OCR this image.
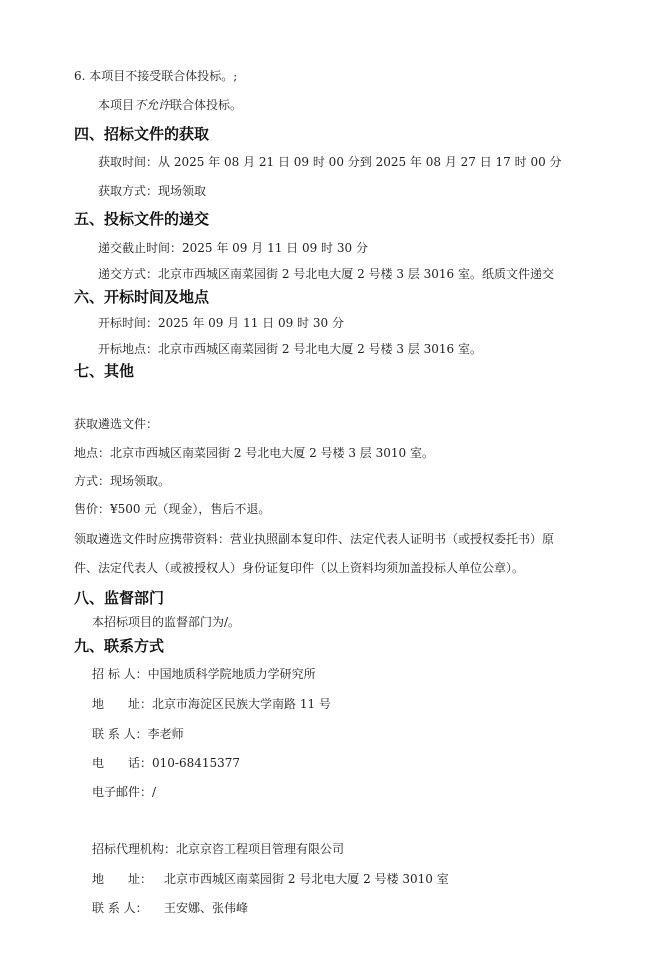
6. 本项目不接受联合体投标。;
本项目不允许联合体投标。
四、招标文件的获取
获取时间：从 2025 年 08 月 21 日 09 时 00 分到 2025 年 08 月 27 日 17 时 00 分
获取方式：现场领取
五、投标文件的递交
递交截止时间：2025 年 09 月 11 日 09 时 30 分
递交方式：北京市西城区南菜园街 2 号北电大厦 2 号楼 3 层 3016 室。纸质文件递交
六、开标时间及地点
开标时间：2025 年 09 月 11 日 09 时 30 分
开标地点：北京市西城区南菜园街 2 号北电大厦 2 号楼 3 层 3016 室。
七、其他
获取遴选文件：
地点：北京市西城区南菜园街 2 号北电大厦 2 号楼 3 层 3010 室。
方式：现场领取。
售价：¥500 元（现金），售后不退。
领取遴选文件时应携带资料：营业执照副本复印件、法定代表人证明书（或授权委托书）原
件、法定代表人（或被授权人）身份证复印件（以上资料均须加盖投标人单位公章）。
八、监督部门
本招标项目的监督部门为/。
九、联系方式
招 标 人：中国地质科学院地质力学研究所
地　　址：北京市海淀区民族大学南路 11 号
联 系 人：李老师
电　　话：010-68415377
电子邮件：/
招标代理机构：北京京咨工程项目管理有限公司
地　　址： 北京市西城区南菜园街 2 号北电大厦 2 号楼 3010 室
联 系 人： 王安娜、张伟峰
